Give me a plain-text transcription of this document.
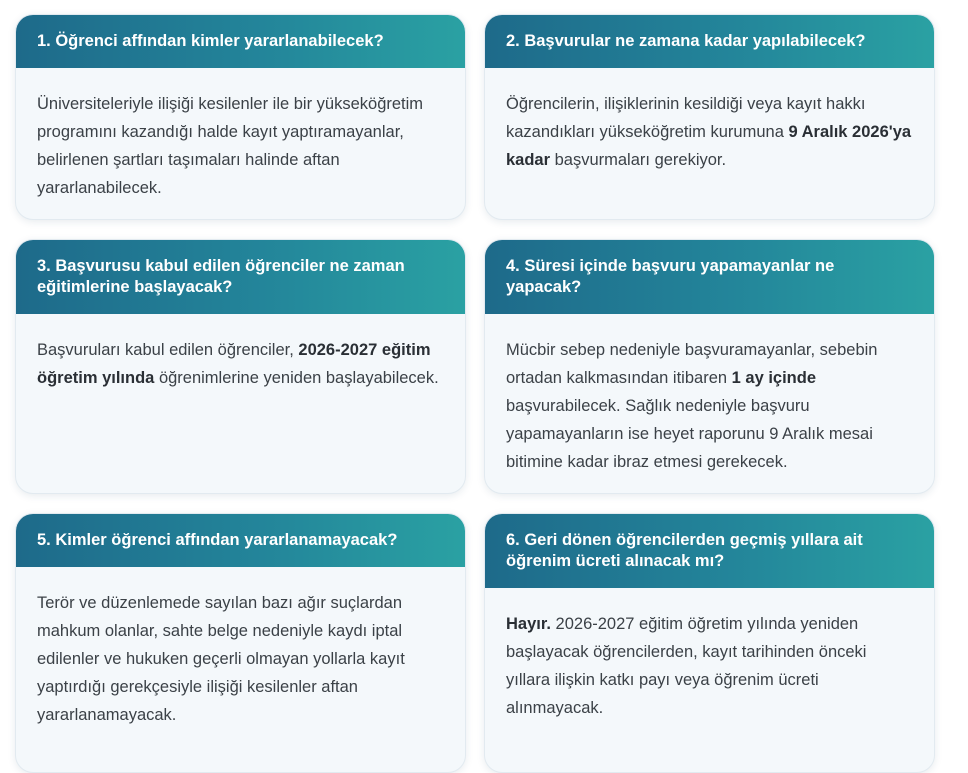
1. Öğrenci affından kimler yararlanabilecek?
Üniversiteleriyle ilişiği kesilenler ile bir yükseköğretim programını kazandığı halde kayıt yaptıramayanlar, belirlenen şartları taşımaları halinde aftan yararlanabilecek.
2. Başvurular ne zamana kadar yapılabilecek?
Öğrencilerin, ilişiklerinin kesildiği veya kayıt hakkı kazandıkları yükseköğretim kurumuna 9 Aralık 2026'ya kadar başvurmaları gerekiyor.
3. Başvurusu kabul edilen öğrenciler ne zaman eğitimlerine başlayacak?
Başvuruları kabul edilen öğrenciler, 2026-2027 eğitim öğretim yılında öğrenimlerine yeniden başlayabilecek.
4. Süresi içinde başvuru yapamayanlar ne yapacak?
Mücbir sebep nedeniyle başvuramayanlar, sebebin ortadan kalkmasından itibaren 1 ay içinde başvurabilecek. Sağlık nedeniyle başvuru yapamayanların ise heyet raporunu 9 Aralık mesai bitimine kadar ibraz etmesi gerekecek.
5. Kimler öğrenci affından yararlanamayacak?
Terör ve düzenlemede sayılan bazı ağır suçlardan mahkum olanlar, sahte belge nedeniyle kaydı iptal edilenler ve hukuken geçerli olmayan yollarla kayıt yaptırdığı gerekçesiyle ilişiği kesilenler aftan yararlanamayacak.
6. Geri dönen öğrencilerden geçmiş yıllara ait öğrenim ücreti alınacak mı?
Hayır. 2026-2027 eğitim öğretim yılında yeniden başlayacak öğrencilerden, kayıt tarihinden önceki yıllara ilişkin katkı payı veya öğrenim ücreti alınmayacak.
